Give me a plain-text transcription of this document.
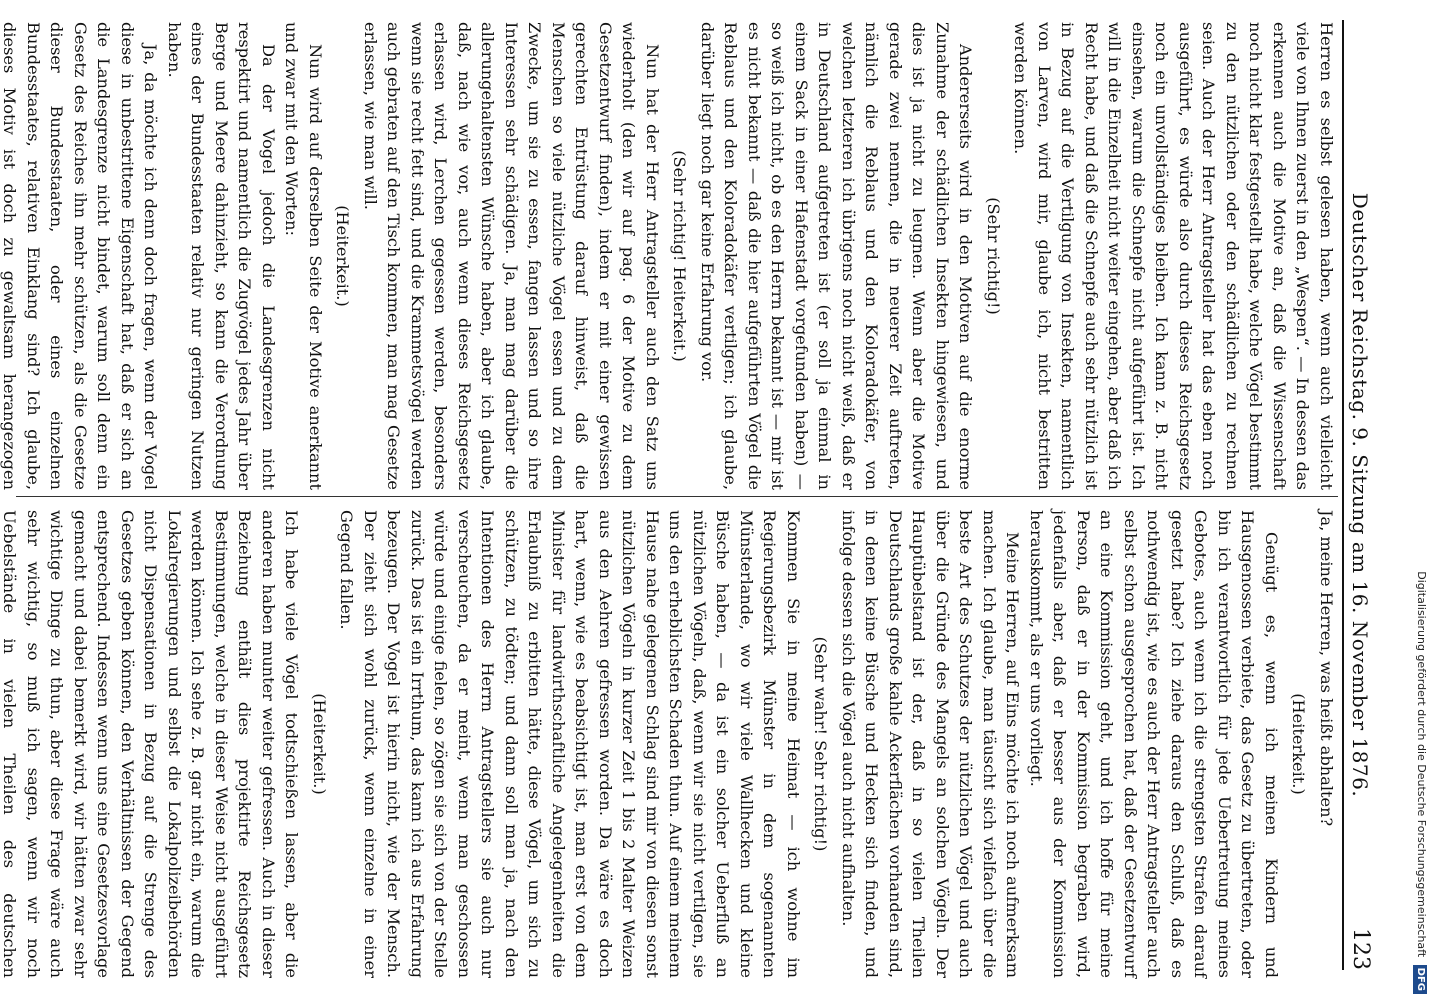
Deutscher Reichstag. 9. Sitzung am 16. November 1876.
123

Herren es selbst gelesen haben, wenn auch vielleicht viele von Ihnen zuerst in den „Wespen“. — In dessen das erkennen auch die Motive an, daß die Wissenschaft noch nicht klar festgestellt habe, welche Vögel bestimmt zu den nützlichen oder den schädlichen zu rechnen seien. Auch der Herr Antragsteller hat das eben noch ausgeführt, es würde also durch dieses Reichsgesetz noch ein unvollständiges bleiben. Ich kann z. B. nicht einsehen, warum die Schnepfe nicht aufgeführt ist. Ich will in die Einzelheit nicht weiter eingehen, aber daß ich Recht habe, und daß die Schnepfe auch sehr nützlich ist in Bezug auf die Vertilgung von Insekten, namentlich von Larven, wird mir, glaube ich, nicht bestritten werden können.

(Sehr richtig!)

Andererseits wird in den Motiven auf die enorme Zunahme der schädlichen Insekten hingewiesen, und dies ist ja nicht zu leugnen. Wenn aber die Motive gerade zwei nennen, die in neuerer Zeit auftreten, nämlich die Reblaus und den Koloradokäfer, von welchen letzteren ich übrigens noch nicht weiß, daß er in Deutschland aufgetreten ist (er soll ja einmal in einem Sack in einer Hafenstadt vorgefunden haben) — so weiß ich nicht, ob es den Herrn bekannt ist — mir ist es nicht bekannt — daß die hier aufgeführten Vögel die Reblaus und den Koloradokäfer vertilgen; ich glaube, darüber liegt noch gar keine Erfahrung vor.

(Sehr richtig! Heiterkeit.)

Nun hat der Herr Antragsteller auch den Satz uns wiederholt (den wir auf pag. 6 der Motive zu dem Gesetzentwurf finden), indem er mit einer gewissen gerechten Entrüstung darauf hinweist, daß die Menschen so viele nützliche Vögel essen und zu dem Zwecke, um sie zu essen, fangen lassen und so ihre Interessen sehr schädigen. Ja, man mag darüber die allerungehaltensten Wünsche haben, aber ich glaube, daß, nach wie vor, auch wenn dieses Reichsgesetz erlassen wird, Lerchen gegessen werden, besonders wenn sie recht fett sind, und die Krammetsvögel werden auch gebraten auf den Tisch kommen, man mag Gesetze erlassen, wie man will.

(Heiterkeit.)

Nun wird auf derselben Seite der Motive anerkannt und zwar mit den Worten:

Da der Vogel jedoch die Landesgrenzen nicht respektirt und namentlich die Zugvögel jedes Jahr über Berge und Meere dahinzieht, so kann die Verordnung eines der Bundesstaaten relativ nur geringen Nutzen haben.

Ja, da möchte ich denn doch fragen, wenn der Vogel diese in unbestrittene Eigenschaft hat, daß er sich an die Landesgrenze nicht bindet, warum soll denn ein Gesetz des Reiches ihn mehr schützen, als die Gesetze dieser Bundesstaaten, oder eines einzelnen Bundesstaates, relativen Einklang sind? Ich glaube, dieses Motiv ist doch zu gewaltsam herangezogen

Ja, meine Herren, was heißt abhalten?

(Heiterkeit.)

Genügt es, wenn ich meinen Kindern und Hausgenossen verbiete, das Gesetz zu übertreten, oder bin ich verantwortlich für jede Uebertretung meines Gebotes, auch wenn ich die strengsten Strafen darauf gesetzt habe? Ich ziehe daraus den Schluß, daß es nothwendig ist, wie es auch der Herr Antragsteller auch selbst schon ausgesprochen hat, daß der Gesetzentwurf an eine Kommission geht, und ich hoffe für meine Person, daß er in der Kommission begraben wird, jedenfalls aber, daß er besser aus der Kommission herauskommt, als er uns vorliegt.

Meine Herren, auf Eins möchte ich noch aufmerksam machen. Ich glaube, man täuscht sich vielfach über die beste Art des Schutzes der nützlichen Vögel und auch über die Gründe des Mangels an solchen Vögeln. Der Hauptübelstand ist der, daß in so vielen Theilen Deutschlands große kahle Ackerflächen vorhanden sind, in denen keine Büsche und Hecken sich finden, und infolge dessen sich die Vögel auch nicht aufhalten.

(Sehr wahr! Sehr richtig!)

Kommen Sie in meine Heimat — ich wohne im Regierungsbezirk Münster in dem sogenannten Münsterlande, wo wir viele Wallhecken und kleine Büsche haben, — da ist ein solcher Ueberfluß an nützlichen Vögeln, daß, wenn wir sie nicht vertilgen, sie uns den erheblichsten Schaden thun. Auf einem meinem Hause nahe gelegenen Schlag sind mir von diesen sonst nützlichen Vögeln in kurzer Zeit 1 bis 2 Malter Weizen aus den Aehren gefressen worden. Da wäre es doch hart, wenn, wie es beabsichtigt ist, man erst von dem Minister für landwirthschaftliche Angelegenheiten die Erlaubniß zu erbitten hätte, diese Vögel, um sich zu schützen, zu tödten; und dann soll man ja, nach den Intentionen des Herrn Antragstellers sie auch nur verscheuchen, da er meint, wenn man geschossen würde und einige fielen, so zögen sie sich von der Stelle zurück. Das ist ein Irrthum, das kann ich aus Erfahrung bezeugen. Der Vogel ist hierin nicht, wie der Mensch. Der zieht sich wohl zurück, wenn einzelne in einer Gegend fallen.

(Heiterkeit.)

Ich habe viele Vögel todtschießen lassen, aber die anderen haben munter weiter gefressen. Auch in dieser Beziehung enthält dies projektirte Reichsgesetz Bestimmungen, welche in dieser Weise nicht ausgeführt werden können. Ich sehe z. B. gar nicht ein, warum die Lokalregierungen und selbst die Lokalpolizeibehörden nicht Dispensationen in Bezug auf die Strenge des Gesetzes geben können, den Verhältnissen der Gegend entsprechend. Indessen wenn uns eine Gesetzesvorlage gemacht und dabei bemerkt wird, wir hätten zwar sehr wichtige Dinge zu thun, aber diese Frage wäre auch sehr wichtig, so muß ich sagen, wenn wir noch Uebelstände in vielen Theilen des deutschen	Digitalisierung gefördert durch die Deutsche Forschungsgemeinschaft DFG
